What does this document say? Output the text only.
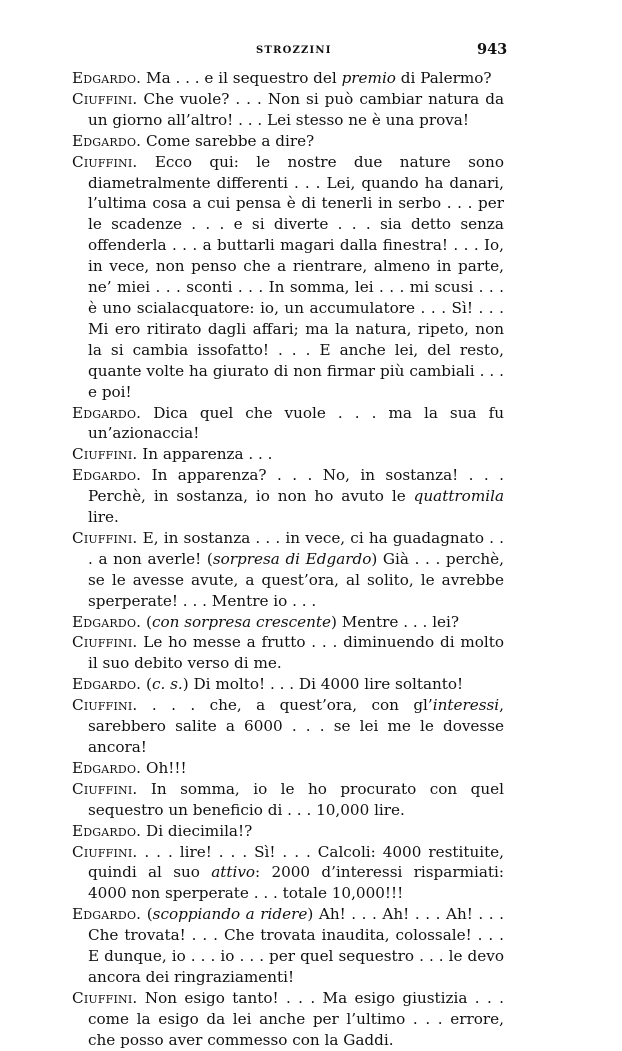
STROZZINI	943

Edgardo. Ma . . . e il sequestro del premio di Palermo?

Ciuffini. Che vuole? . . . Non si può cambiar natura da un giorno all’altro! . . . Lei stesso ne è una prova!

Edgardo. Come sarebbe a dire?

Ciuffini. Ecco qui: le nostre due nature sono diametralmente differenti . . . Lei, quando ha danari, l’ultima cosa a cui pensa è di tenerli in serbo . . . per le scadenze . . . e si diverte . . . sia detto senza offenderla . . . a buttarli magari dalla finestra! . . . Io, in vece, non penso che a rientrare, almeno in parte, ne’ miei . . . sconti . . . In somma, lei . . . mi scusi . . . è uno scialacquatore: io, un accumulatore . . . Sì! . . . Mi ero ritirato dagli affari; ma la natura, ripeto, non la si cambia issofatto! . . . E anche lei, del resto, quante volte ha giurato di non firmar più cambiali . . . e poi!

Edgardo. Dica quel che vuole . . . ma la sua fu un’azionaccia!

Ciuffini. In apparenza . . .

Edgardo. In apparenza? . . . No, in sostanza! . . . Perchè, in sostanza, io non ho avuto le quattromila lire.

Ciuffini. E, in sostanza . . . in vece, ci ha guadagnato . . . a non averle! (sorpresa di Edgardo) Già . . . perchè, se le avesse avute, a quest’ora, al solito, le avrebbe sperperate! . . . Mentre io . . .

Edgardo. (con sorpresa crescente) Mentre . . . lei?

Ciuffini. Le ho messe a frutto . . . diminuendo di molto il suo debito verso di me.

Edgardo. (c. s.) Di molto! . . . Di 4000 lire soltanto!

Ciuffini. . . . che, a quest’ora, con gl’interessi, sarebbero salite a 6000 . . . se lei me le dovesse ancora!

Edgardo. Oh!!!

Ciuffini. In somma, io le ho procurato con quel sequestro un beneficio di . . . 10,000 lire.

Edgardo. Di diecimila!?

Ciuffini. . . . lire! . . . Sì! . . . Calcoli: 4000 restituite, quindi al suo attivo: 2000 d’interessi risparmiati: 4000 non sperperate . . . totale 10,000!!!

Edgardo. (scoppiando a ridere) Ah! . . . Ah! . . . Ah! . . . Che trovata! . . . Che trovata inaudita, colossale! . . . E dunque, io . . . io . . . per quel sequestro . . . le devo ancora dei ringraziamenti!

Ciuffini. Non esigo tanto! . . . Ma esigo giustizia . . . come la esigo da lei anche per l’ultimo . . . errore, che posso aver commesso con la Gaddi.
